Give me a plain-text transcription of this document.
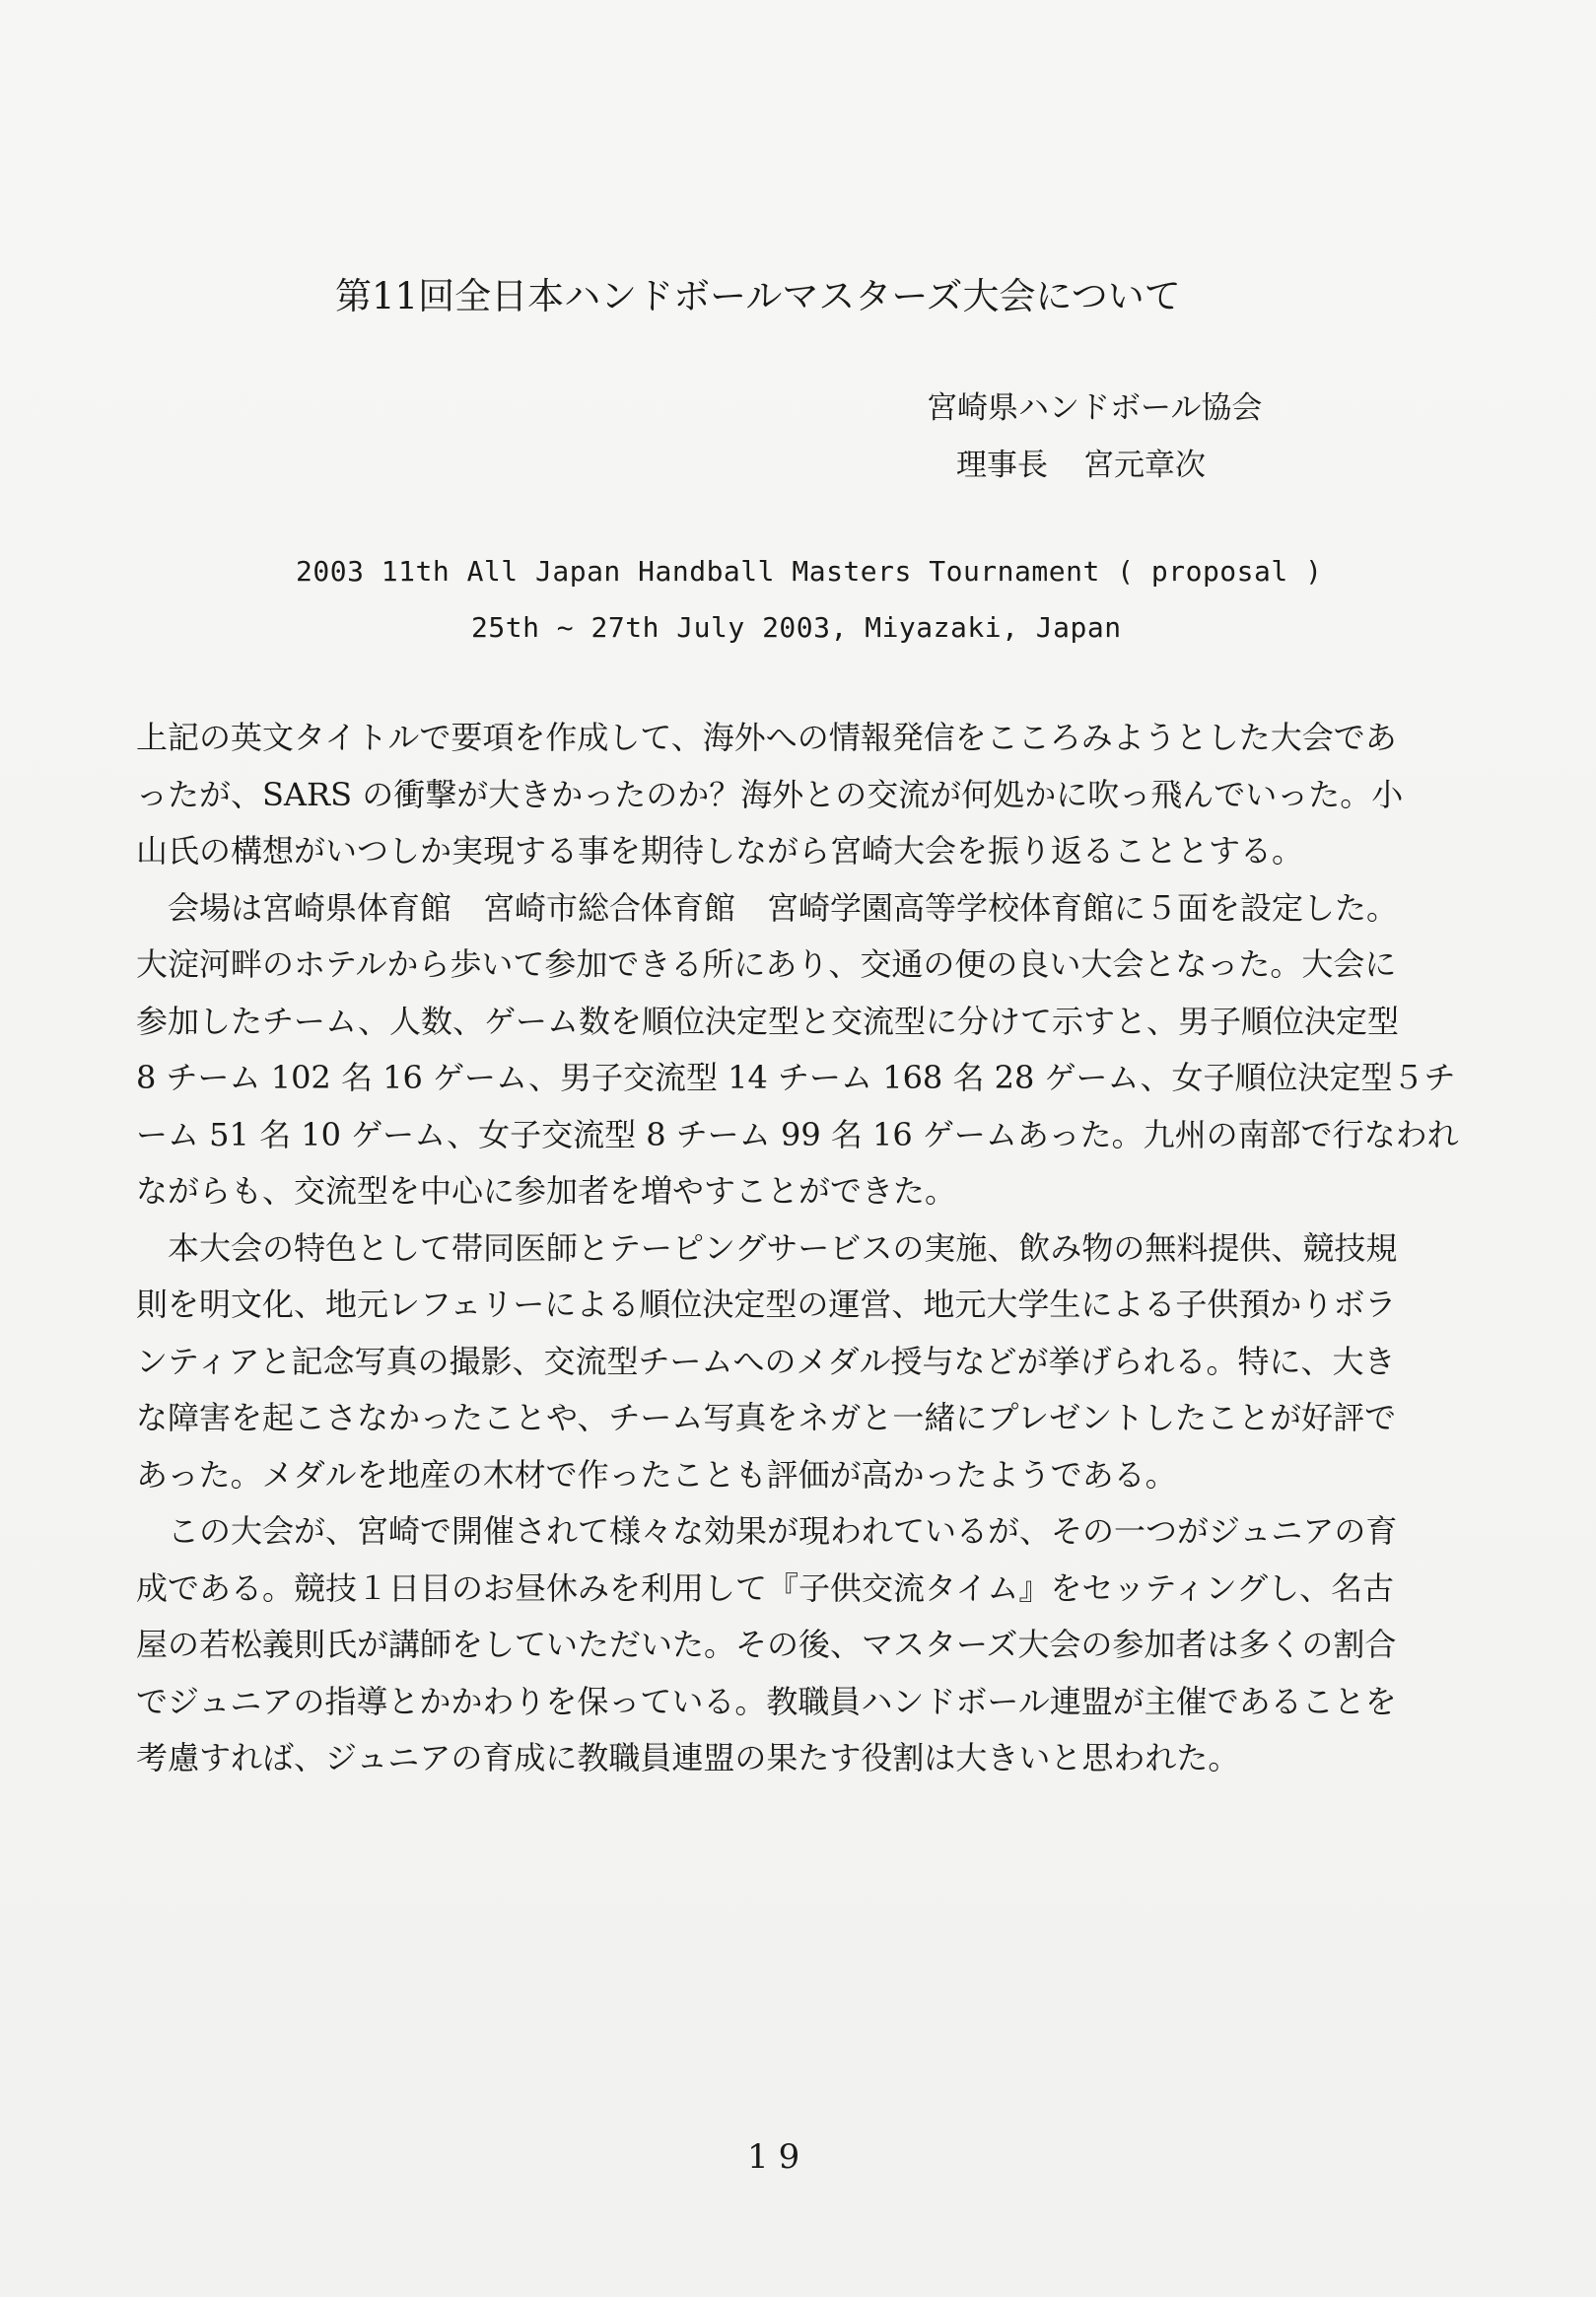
第11回全日本ハンドボールマスターズ大会について
宮崎県ハンドボール協会
理事長 宮元章次
2003 11th All Japan Handball Masters Tournament ( proposal )
25th ~ 27th July 2003, Miyazaki, Japan
上記の英文タイトルで要項を作成して、海外への情報発信をこころみようとした大会であ
ったが、SARS の衝撃が大きかったのか？海外との交流が何処かに吹っ飛んでいった。小
山氏の構想がいつしか実現する事を期待しながら宮崎大会を振り返ることとする。
　会場は宮崎県体育館　宮崎市総合体育館　宮崎学園高等学校体育館に５面を設定した。
大淀河畔のホテルから歩いて参加できる所にあり、交通の便の良い大会となった。大会に
参加したチーム、人数、ゲーム数を順位決定型と交流型に分けて示すと、男子順位決定型
8 チーム 102 名 16 ゲーム、男子交流型 14 チーム 168 名 28 ゲーム、女子順位決定型５チ
ーム 51 名 10 ゲーム、女子交流型 8 チーム 99 名 16 ゲームあった。九州の南部で行なわれ
ながらも、交流型を中心に参加者を増やすことができた。
　本大会の特色として帯同医師とテーピングサービスの実施、飲み物の無料提供、競技規
則を明文化、地元レフェリーによる順位決定型の運営、地元大学生による子供預かりボラ
ンティアと記念写真の撮影、交流型チームへのメダル授与などが挙げられる。特に、大き
な障害を起こさなかったことや、チーム写真をネガと一緒にプレゼントしたことが好評で
あった。メダルを地産の木材で作ったことも評価が高かったようである。
　この大会が、宮崎で開催されて様々な効果が現われているが、その一つがジュニアの育
成である。競技１日目のお昼休みを利用して『子供交流タイム』をセッティングし、名古
屋の若松義則氏が講師をしていただいた。その後、マスターズ大会の参加者は多くの割合
でジュニアの指導とかかわりを保っている。教職員ハンドボール連盟が主催であることを
考慮すれば、ジュニアの育成に教職員連盟の果たす役割は大きいと思われた。
19
